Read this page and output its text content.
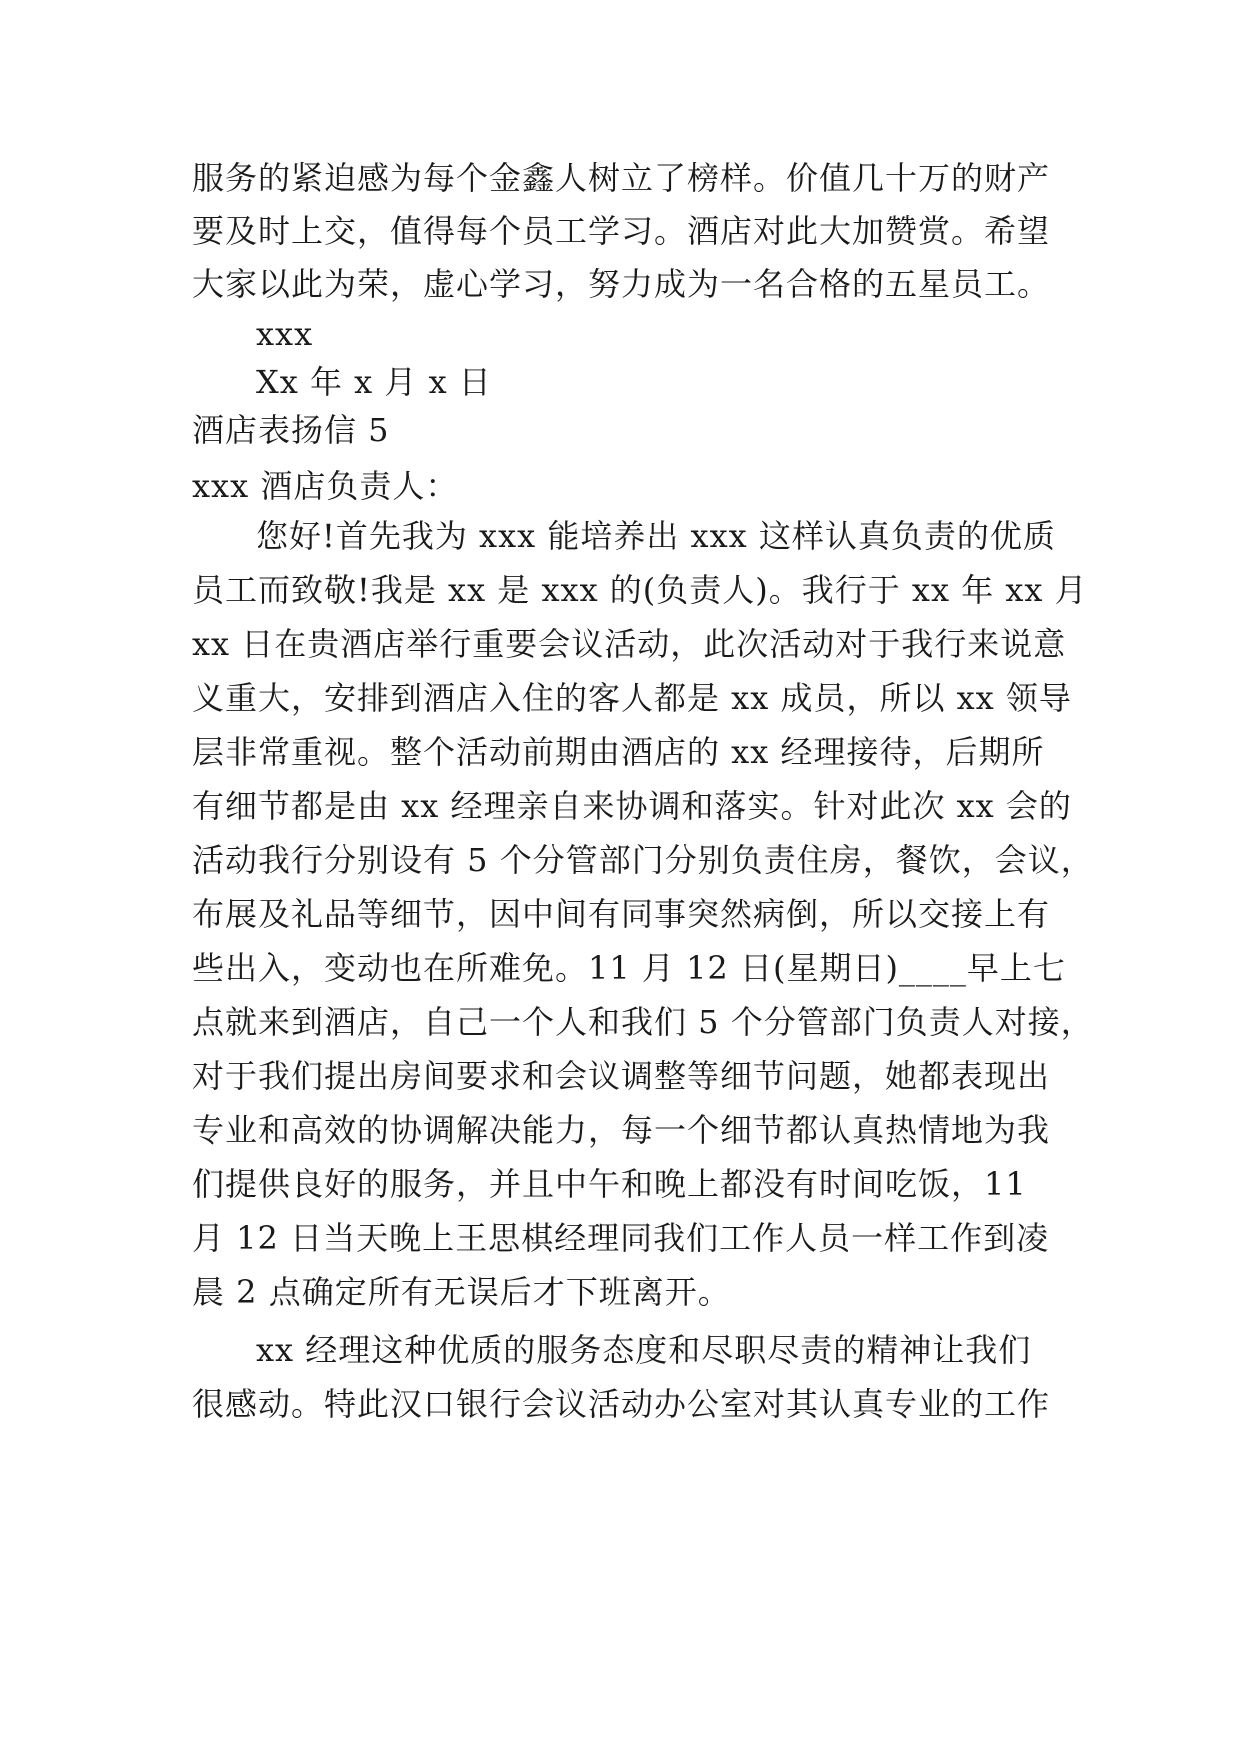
服务的紧迫感为每个金鑫人树立了榜样。价值几十万的财产
要及时上交，值得每个员工学习。酒店对此大加赞赏。希望
大家以此为荣，虚心学习，努力成为一名合格的五星员工。
xxx
Xx 年 x 月 x 日
酒店表扬信 5
xxx 酒店负责人：
您好!首先我为 xxx 能培养出 xxx 这样认真负责的优质
员工而致敬!我是 xx 是 xxx 的(负责人)。我行于 xx 年 xx 月
xx 日在贵酒店举行重要会议活动，此次活动对于我行来说意
义重大，安排到酒店入住的客人都是 xx 成员，所以 xx 领导
层非常重视。整个活动前期由酒店的 xx 经理接待，后期所
有细节都是由 xx 经理亲自来协调和落实。针对此次 xx 会的
活动我行分别设有 5 个分管部门分别负责住房，餐饮，会议，
布展及礼品等细节，因中间有同事突然病倒，所以交接上有
些出入，变动也在所难免。11 月 12 日(星期日)____早上七
点就来到酒店，自己一个人和我们 5 个分管部门负责人对接，
对于我们提出房间要求和会议调整等细节问题，她都表现出
专业和高效的协调解决能力，每一个细节都认真热情地为我
们提供良好的服务，并且中午和晚上都没有时间吃饭，11
月 12 日当天晚上王思棋经理同我们工作人员一样工作到凌
晨 2 点确定所有无误后才下班离开。
xx 经理这种优质的服务态度和尽职尽责的精神让我们
很感动。特此汉口银行会议活动办公室对其认真专业的工作
